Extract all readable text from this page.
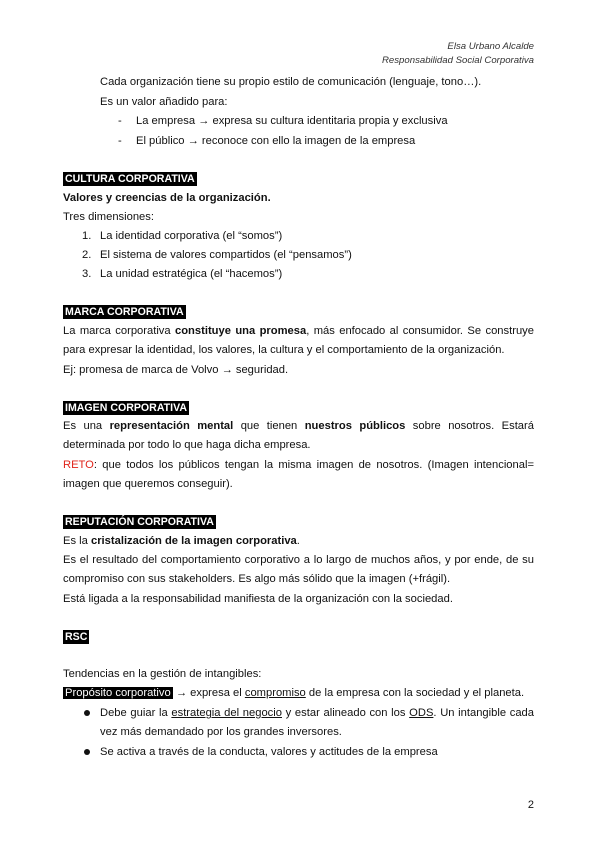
Elsa Urbano Alcalde
Responsabilidad Social Corporativa
Cada organización tiene su propio estilo de comunicación (lenguaje, tono…).
Es un valor añadido para:
- La empresa → expresa su cultura identitaria propia y exclusiva
- El público → reconoce con ello la imagen de la empresa
CULTURA CORPORATIVA
Valores y creencias de la organización.
Tres dimensiones:
1. La identidad corporativa (el “somos”)
2. El sistema de valores compartidos (el “pensamos”)
3. La unidad estratégica (el “hacemos”)
MARCA CORPORATIVA
La marca corporativa constituye una promesa, más enfocado al consumidor. Se construye
para expresar la identidad, los valores, la cultura y el comportamiento de la organización.
Ej: promesa de marca de Volvo → seguridad.
IMAGEN CORPORATIVA
Es una representación mental que tienen nuestros públicos sobre nosotros. Estará
determinada por todo lo que haga dicha empresa.
RETO: que todos los públicos tengan la misma imagen de nosotros. (Imagen intencional=
imagen que queremos conseguir).
REPUTACIÓN CORPORATIVA
Es la cristalización de la imagen corporativa.
Es el resultado del comportamiento corporativo a lo largo de muchos años, y por ende, de su
compromiso con sus stakeholders. Es algo más sólido que la imagen (+frágil).
Está ligada a la responsabilidad manifiesta de la organización con la sociedad.
RSC
Tendencias en la gestión de intangibles:
Propósito corporativo → expresa el compromiso de la empresa con la sociedad y el planeta.
Debe guiar la estrategia del negocio y estar alineado con los ODS. Un intangible cada
vez más demandado por los grandes inversores.
Se activa a través de la conducta, valores y actitudes de la empresa
2
